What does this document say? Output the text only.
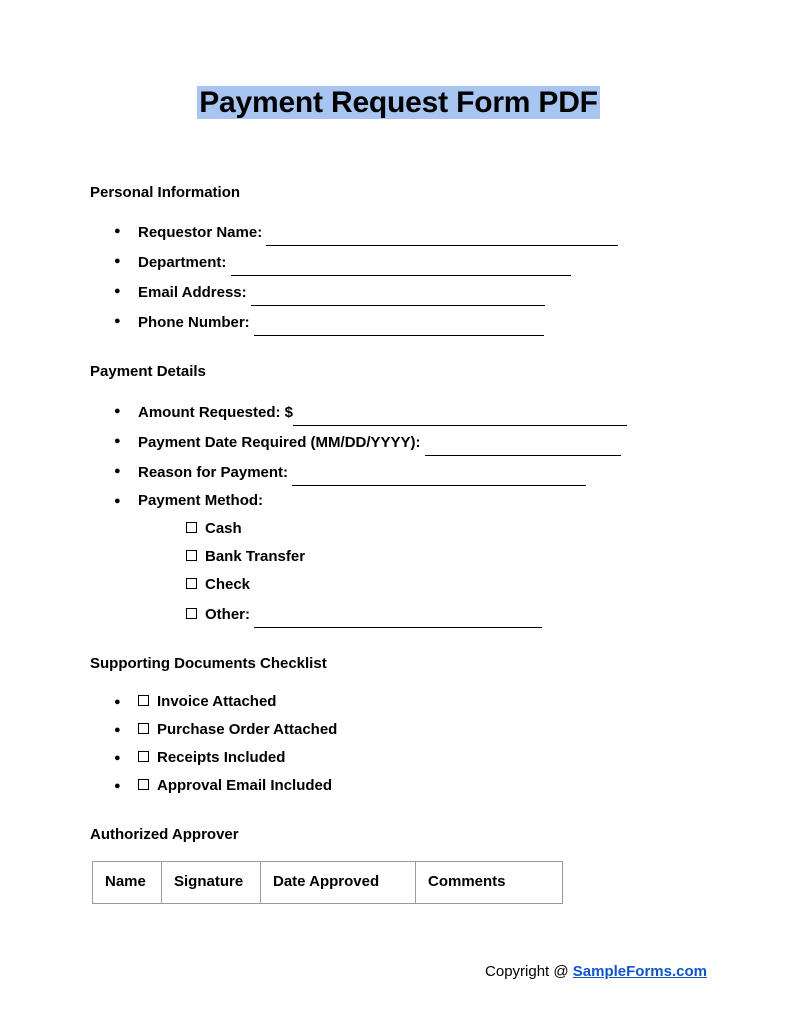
Payment Request Form PDF
Personal Information
● Requestor Name:
● Department:
● Email Address:
● Phone Number:
Payment Details
● Amount Requested: $
● Payment Date Required (MM/DD/YYYY):
● Reason for Payment:
● Payment Method:
Cash
Bank Transfer
Check
Other:
Supporting Documents Checklist
● Invoice Attached
● Purchase Order Attached
● Receipts Included
● Approval Email Included
Authorized Approver
Name	Signature	Date Approved	Comments
Copyright @ SampleForms.com
